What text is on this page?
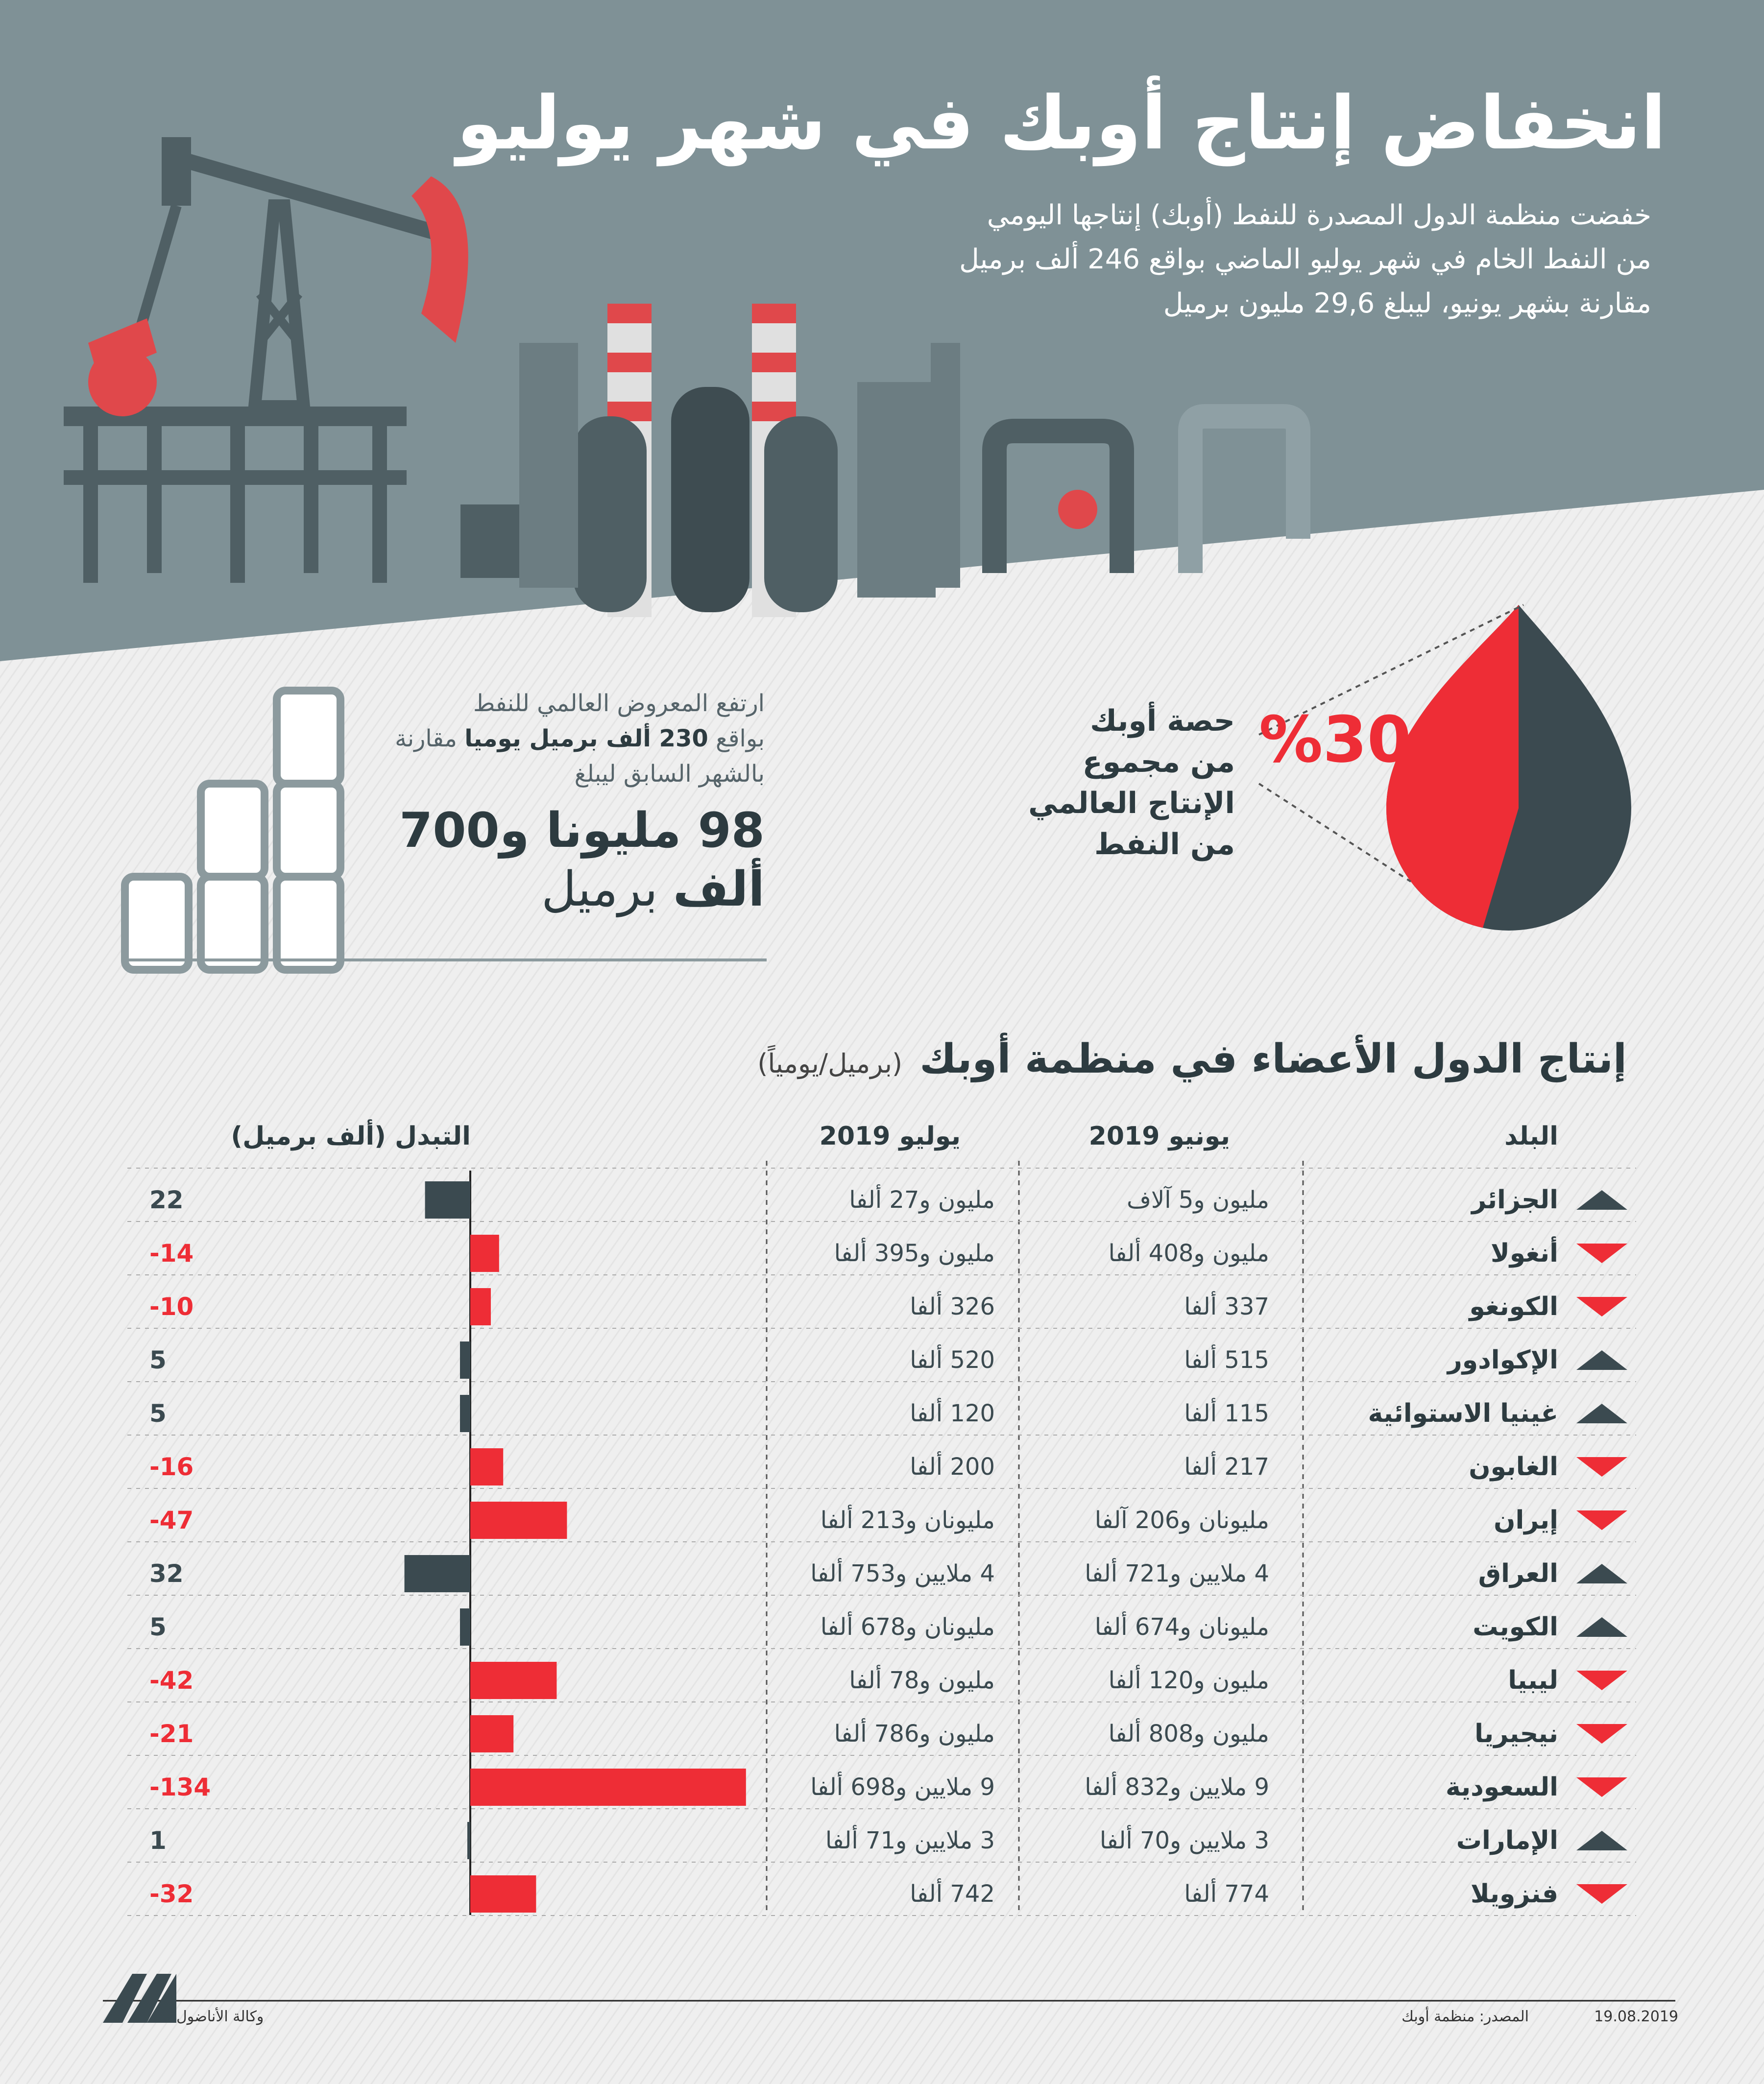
انخفاض إنتاج أوبك في شهر يوليو
خفضت منظمة الدول المصدرة للنفط (أوبك) إنتاجها اليومي
من النفط الخام في شهر يوليو الماضي بواقع 246 ألف برميل
مقارنة بشهر يونيو، ليبلغ 29,6 مليون برميل
ارتفع المعروض العالمي للنفط
بواقع 230 ألف برميل يوميا مقارنة
بالشهر السابق ليبلغ
98 مليونا و700
ألف برميل
حصة أوبك
من مجموع
الإنتاج العالمي
من النفط
%30
إنتاج الدول الأعضاء في منظمة أوبك (برميل/يومياً)
البلد
يونيو 2019
يوليو 2019
التبدل (ألف برميل)
الجزائر
مليون و5 آلاف
مليون و27 ألفا
22
أنغولا
مليون و408 ألفا
مليون و395 ألفا
-14
الكونغو
337 ألفا
326 ألفا
-10
الإكوادور
515 ألفا
520 ألفا
5
غينيا الاستوائية
115 ألفا
120 ألفا
5
الغابون
217 ألفا
200 ألفا
-16
إيران
مليونان و206 آلفا
مليونان و213 ألفا
-47
العراق
4 ملايين و721 ألفا
4 ملايين و753 ألفا
32
الكويت
مليونان و674 ألفا
مليونان و678 ألفا
5
ليبيا
مليون و120 ألفا
مليون و78 ألفا
-42
نيجيريا
مليون و808 ألفا
مليون و786 ألفا
-21
السعودية
9 ملايين و832 ألفا
9 ملايين و698 ألفا
-134
الإمارات
3 ملايين و70 ألفا
3 ملايين و71 ألفا
1
فنزويلا
774 ألفا
742 ألفا
-32
وكالة الأناضول	المصدر: منظمة أوبك	19.08.2019
